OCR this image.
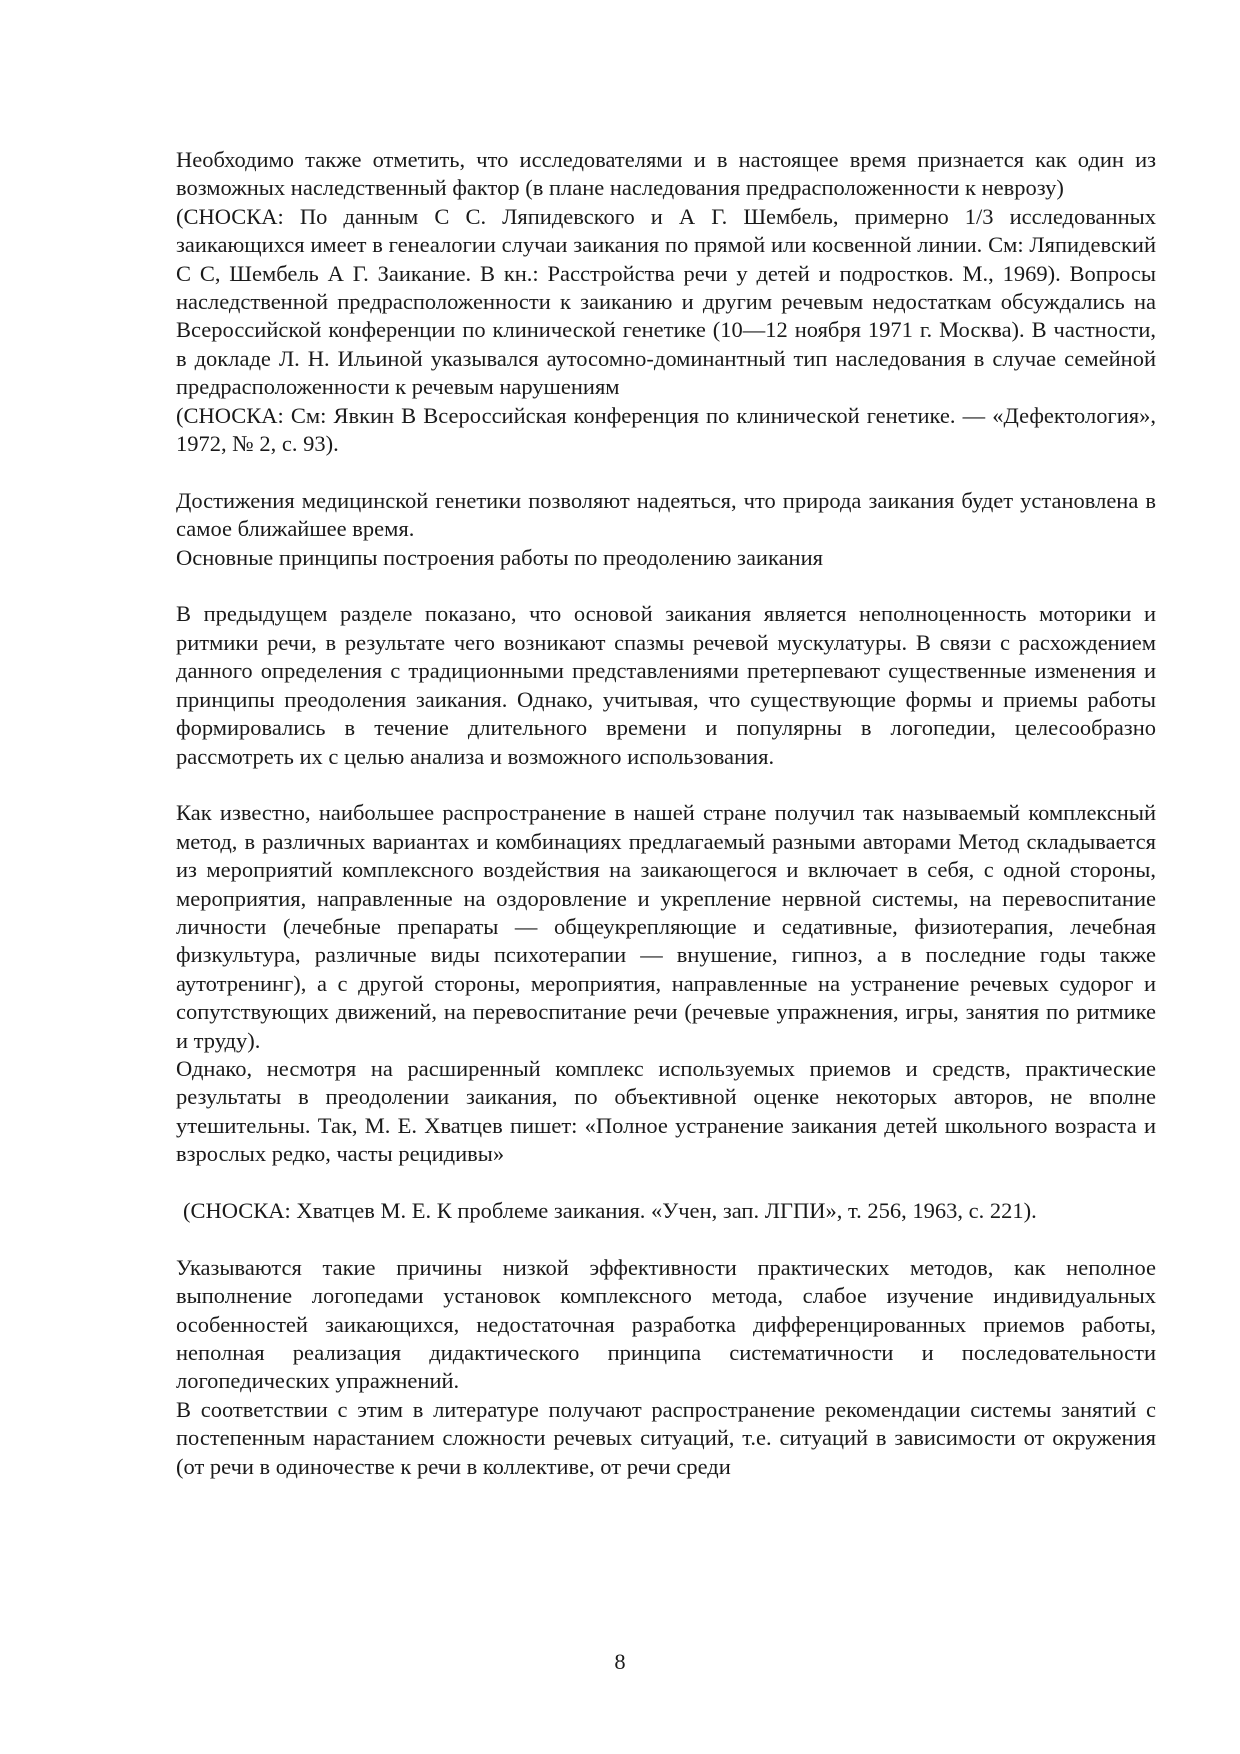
Необходимо также отметить, что исследователями и в настоящее время признается как один из возможных наследственный фактор (в плане наследования предрасположенности к неврозу)

(СНОСКА: По данным С С. Ляпидевского и А Г. Шембель, примерно 1/3 исследованных заикающихся имеет в генеалогии случаи заикания по прямой или косвенной линии. См: Ляпидевский С С, Шембель А Г. Заикание. В кн.: Расстройства речи у детей и подростков. М., 1969). Вопросы наследственной предрасположенности к заиканию и другим речевым недостаткам обсуждались на Всероссийской конференции по клинической генетике (10—12 ноября 1971 г. Москва). В частности, в докладе Л. Н. Ильиной указывался аутосомно-доминантный тип наследования в случае семейной предрасположенности к речевым нарушениям

(СНОСКА: См: Явкин В Всероссийская конференция по клинической генетике. — «Дефектология», 1972, № 2, с. 93).

Достижения медицинской генетики позволяют надеяться, что природа заикания будет установлена в самое ближайшее время.

Основные принципы построения работы по преодолению заикания

В предыдущем разделе показано, что основой заикания является неполноценность моторики и ритмики речи, в результате чего возникают спазмы речевой мускулатуры. В связи с расхождением данного определения с традиционными представлениями претерпевают существенные изменения и принципы преодоления заикания. Однако, учитывая, что существующие формы и приемы работы формировались в течение длительного времени и популярны в логопедии, целесообразно рассмотреть их с целью анализа и возможного использования.

Как известно, наибольшее распространение в нашей стране получил так называемый комплексный метод, в различных вариантах и комбинациях предлагаемый разными авторами Метод складывается из мероприятий комплексного воздействия на заикающегося и включает в себя, с одной стороны, мероприятия, направленные на оздоровление и укрепление нервной системы, на перевоспитание личности (лечебные препараты — общеукрепляющие и седативные, физиотерапия, лечебная физкультура, различные виды психотерапии — внушение, гипноз, а в последние годы также аутотренинг), а с другой стороны, мероприятия, направленные на устранение речевых судорог и сопутствующих движений, на перевоспитание речи (речевые упражнения, игры, занятия по ритмике и труду).

Однако, несмотря на расширенный комплекс используемых приемов и средств, практические результаты в преодолении заикания, по объективной оценке некоторых авторов, не вполне утешительны. Так, М. Е. Хватцев пишет: «Полное устранение заикания детей школьного возраста и взрослых редко, часты рецидивы»

(СНОСКА: Хватцев М. Е. К проблеме заикания. «Учен, зап. ЛГПИ», т. 256, 1963, с. 221).

Указываются такие причины низкой эффективности практических методов, как неполное выполнение логопедами установок комплексного метода, слабое изучение индивидуальных особенностей заикающихся, недостаточная разработка дифференцированных приемов работы, неполная реализация дидактического принципа систематичности и последовательности логопедических упражнений.

В соответствии с этим в литературе получают распространение рекомендации системы занятий с постепенным нарастанием сложности речевых ситуаций, т.е. ситуаций в зависимости от окружения (от речи в одиночестве к речи в коллективе, от речи среди

8
